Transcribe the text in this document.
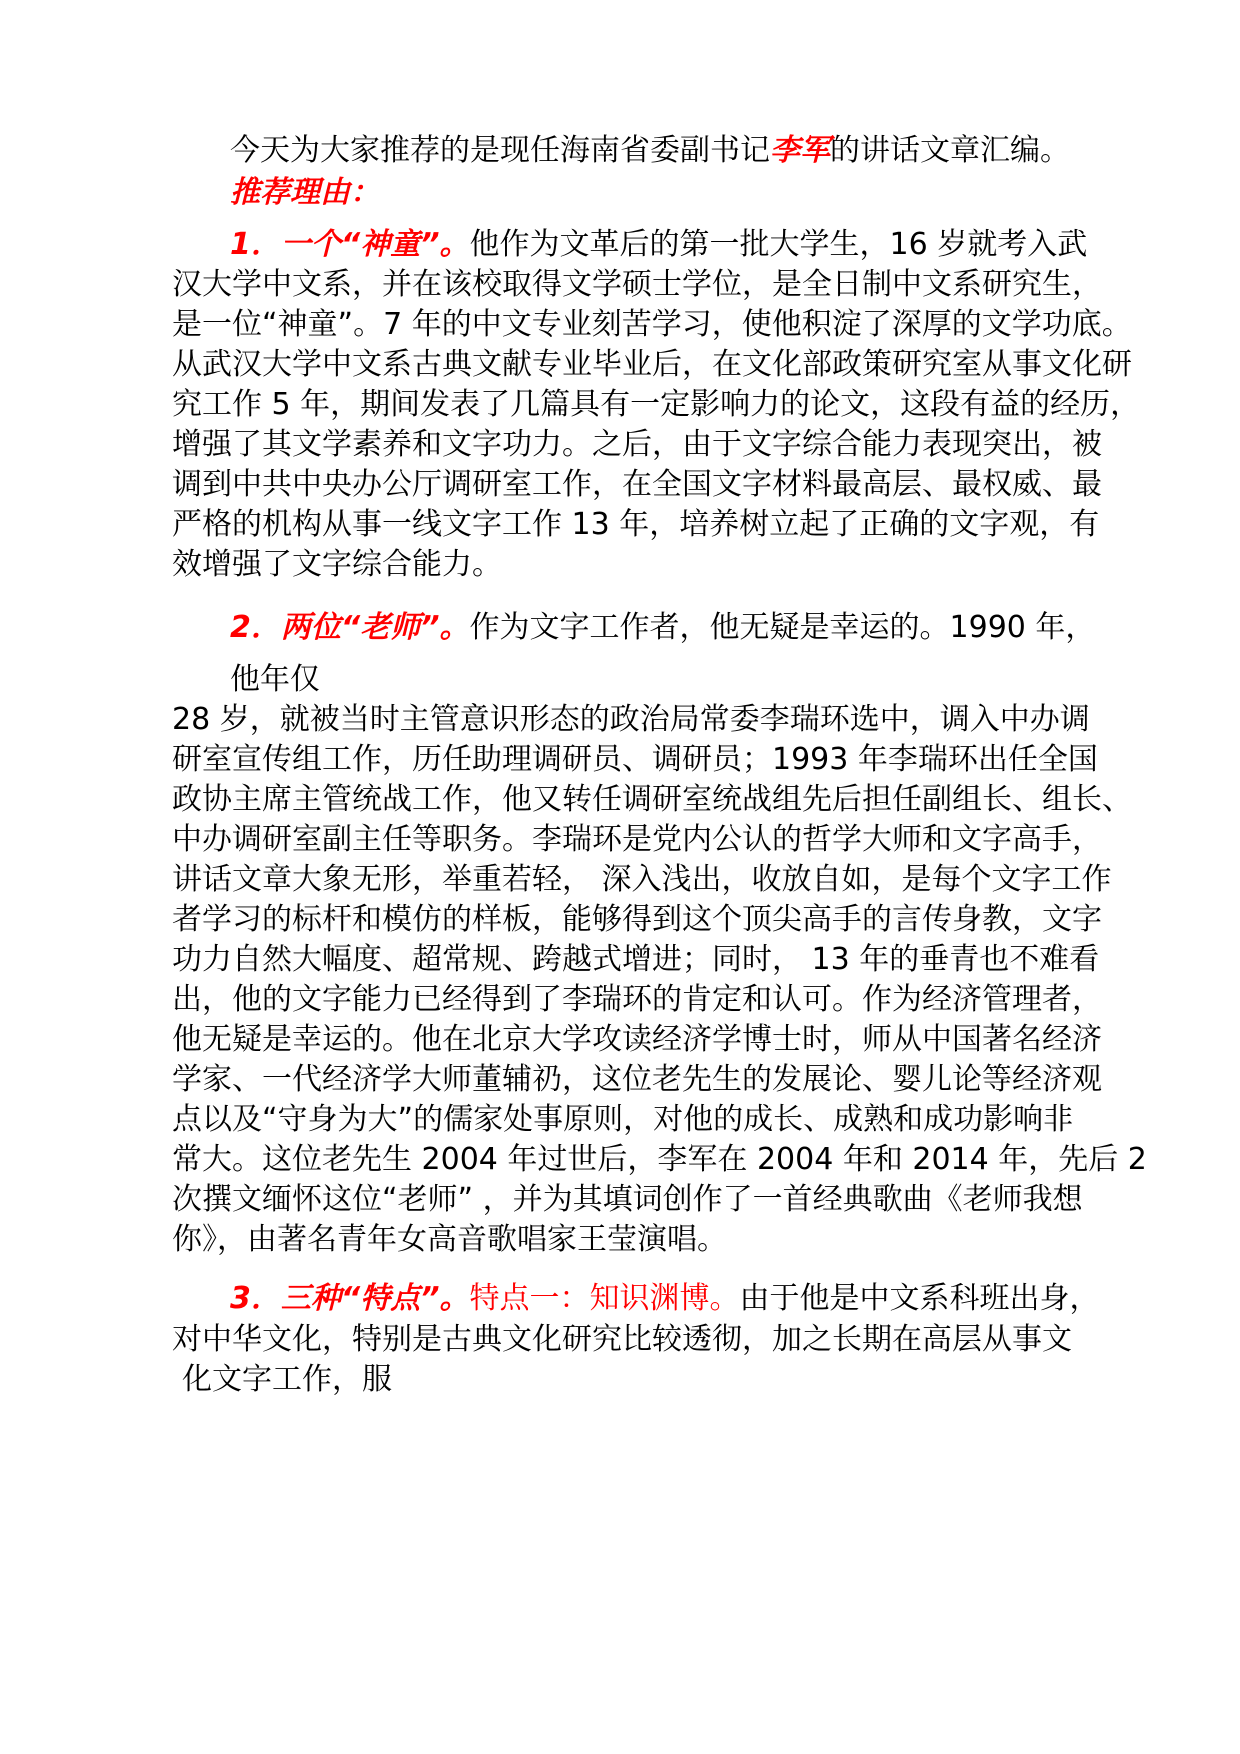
今天为大家推荐的是现任海南省委副书记李军的讲话文章汇编。
推荐理由：
1．一个“神童”。他作为文革后的第一批大学生，16 岁就考入武
汉大学中文系，并在该校取得文学硕士学位，是全日制中文系研究生，
是一位“神童”。7 年的中文专业刻苦学习，使他积淀了深厚的文学功底。
从武汉大学中文系古典文献专业毕业后，在文化部政策研究室从事文化研
究工作 5 年，期间发表了几篇具有一定影响力的论文，这段有益的经历，
增强了其文学素养和文字功力。之后，由于文字综合能力表现突出，被
调到中共中央办公厅调研室工作，在全国文字材料最高层、最权威、最
严格的机构从事一线文字工作 13 年，培养树立起了正确的文字观，有
效增强了文字综合能力。
2．两位“老师”。作为文字工作者，他无疑是幸运的。1990 年，
他年仅
28 岁，就被当时主管意识形态的政治局常委李瑞环选中，调入中办调
研室宣传组工作，历任助理调研员、调研员；1993 年李瑞环出任全国
政协主席主管统战工作，他又转任调研室统战组先后担任副组长、组长、
中办调研室副主任等职务。李瑞环是党内公认的哲学大师和文字高手，
讲话文章大象无形，举重若轻， 深入浅出，收放自如，是每个文字工作
者学习的标杆和模仿的样板，能够得到这个顶尖高手的言传身教，文字
功力自然大幅度、超常规、跨越式增进；同时， 13 年的垂青也不难看
出，他的文字能力已经得到了李瑞环的肯定和认可。作为经济管理者，
他无疑是幸运的。他在北京大学攻读经济学博士时，师从中国著名经济
学家、一代经济学大师董辅礽，这位老先生的发展论、婴儿论等经济观
点以及“守身为大”的儒家处事原则，对他的成长、成熟和成功影响非
常大。这位老先生 2004 年过世后，李军在 2004 年和 2014 年，先后 2
次撰文缅怀这位“老师” ，并为其填词创作了一首经典歌曲《老师我想
你》，由著名青年女高音歌唱家王莹演唱。
3．三种“特点”。特点一：知识渊博。由于他是中文系科班出身，
对中华文化，特别是古典文化研究比较透彻，加之长期在高层从事文
化文字工作，服
